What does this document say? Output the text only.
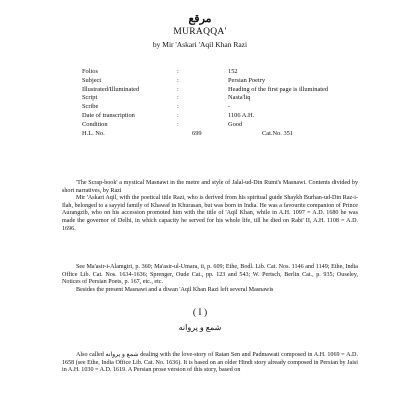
مرقع
MURAQQA'
by Mir 'Askari 'Aqil Khan Razi
Folios	:	152
Subject	:	Persian Poetry
Illustrated/Illuminated	:	Heading of the first page is illuminated
Script	:	Nasta'liq
Scribe	:	-
Date of transcription	:	1106 A.H.
Condition	:	Good
H.L. No.	699	Cat.No. 351

'The Scrap-book' a mystical Masnawi in the metre and style of Jalal-ud-Din Rumi's Masnawi. Contents divided by short narratives, by Razi

Mir 'Askari Aqil, with the poetical title Razi, who is derived from his spiritual guide Shaykh Burhan-ud-Din Raz-i-Ilah, belonged to a sayyid family of Khawaf in Khurasan, but was born in India. He was a favourite companion of Prince Aurangzib, who on his accession promoted him with the title of 'Aqil Khan, while in A.H. 1097 = A.D. 1680 he was made the governor of Delhi, in which capacity he served for his whole life, till he died on Rabi' II, A.H. 1108 = A.D. 1696.

See Ma'asir-i-Alamgiri, p. 360; Ma'asir-ul-Umara, ii, p. 609; Ethe, Bodl. Lib. Cat. Nos. 1146 and 1149; Ethe, India Office Lib. Cat. Nos. 1634-1636; Sprenger, Oude Cat., pp. 123 and 543; W. Pertsch, Berlin Cat., p. 935; Ouseley, Notices of Persian Poets, p. 167, etc., etc.

Besides the present Masnawi and a diwan 'Aqil Khan Razi left several Masnawis

( I )
شمع و پروانه

Also called شمع و پروانه dealing with the love-story of Ratan Sen and Padmawati composed in A.H. 1069 = A.D. 1658 (see Ethe, India Office Lib. Cat. No. 1636). It is based on an older Hindi story already composed in Persian by Jaisi in A.H. 1030 = A.D. 1619. A Persian prose version of this story, based on
